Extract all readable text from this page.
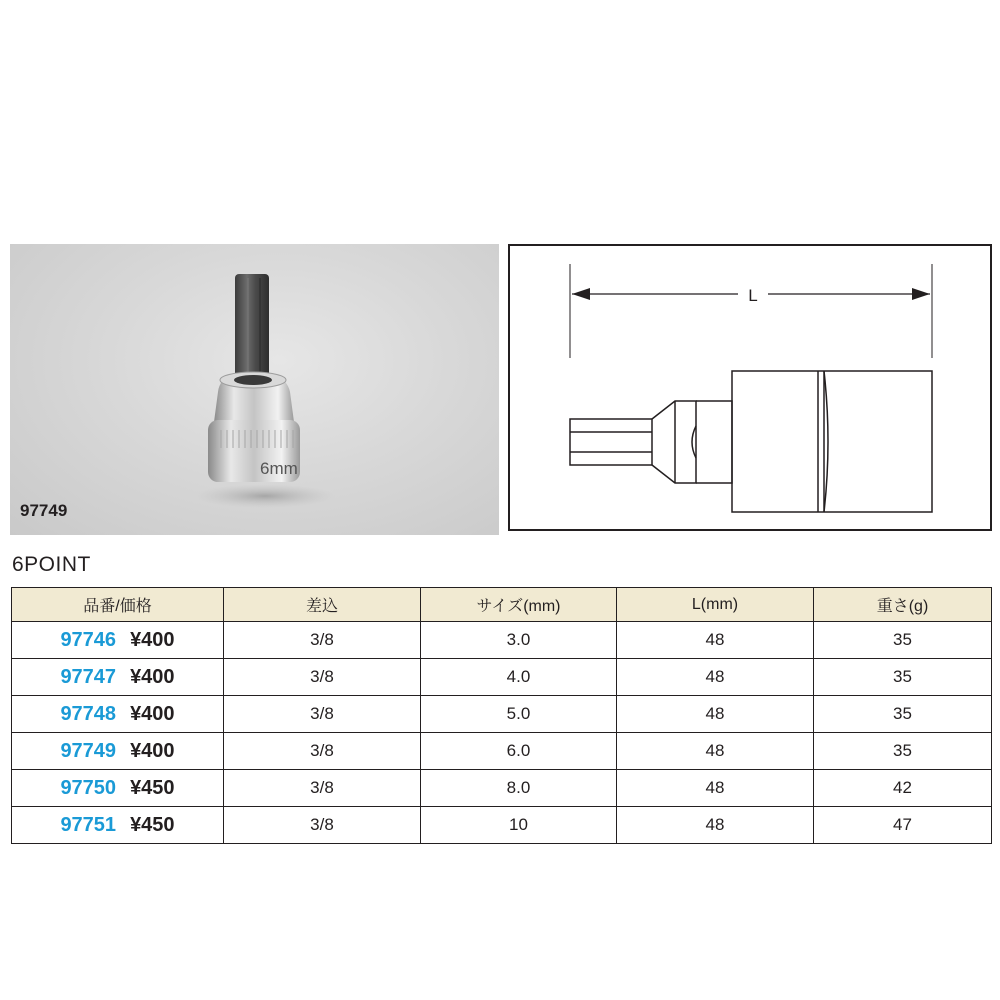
6mm
97749
L
6POINT
品番/価格	差込	サイズ(mm)	L(mm)	重さ(g)
97746 ¥400	3/8	3.0	48	35
97747 ¥400	3/8	4.0	48	35
97748 ¥400	3/8	5.0	48	35
97749 ¥400	3/8	6.0	48	35
97750 ¥450	3/8	8.0	48	42
97751 ¥450	3/8	10	48	47
